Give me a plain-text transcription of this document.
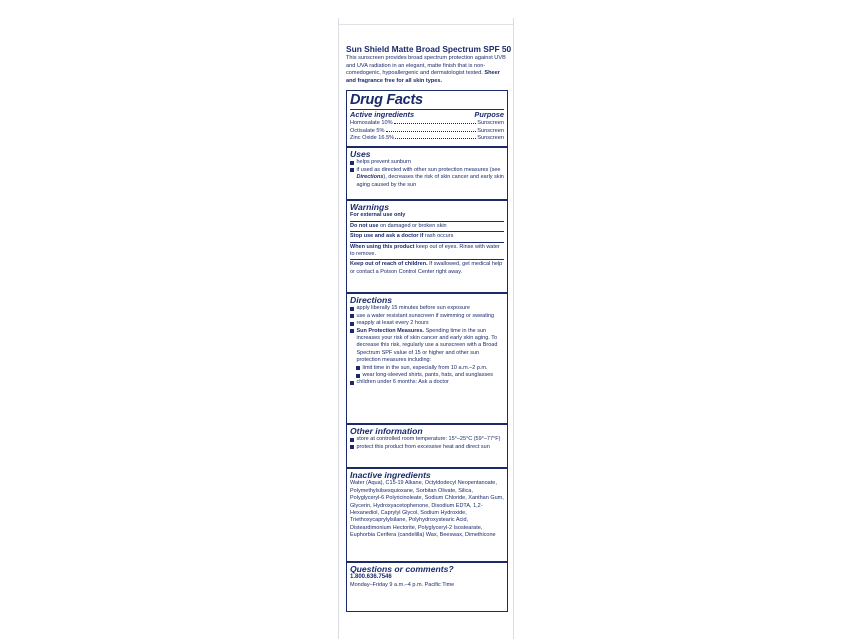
Sun Shield Matte Broad Spectrum SPF 50

This sunscreen provides broad spectrum protection against UVB and UVA radiation in an elegant, matte finish that is non-comedogenic, hypoallergenic and dermatologist tested. Sheer and fragrance free for all skin types.

Drug Facts

Active ingredients	Purpose
Homosalate 10%	Sunscreen
Octisalate 5%	Sunscreen
Zinc Oxide 16.5%	Sunscreen

Uses

helps prevent sunburn
if used as directed with other sun protection measures (see Directions), decreases the risk of skin cancer and early skin aging caused by the sun

Warnings

For external use only

Do not use on damaged or broken skin

Stop use and ask a doctor if rash occurs

When using this product keep out of eyes. Rinse with water to remove.

Keep out of reach of children. If swallowed, get medical help or contact a Poison Control Center right away.

Directions

apply liberally 15 minutes before sun exposure
use a water resistant sunscreen if swimming or sweating
reapply at least every 2 hours
Sun Protection Measures. Spending time in the sun increases your risk of skin cancer and early skin aging. To decrease this risk, regularly use a sunscreen with a Broad Spectrum SPF value of 15 or higher and other sun protection measures including:
limit time in the sun, especially from 10 a.m.–2 p.m.
wear long-sleeved shirts, pants, hats, and sunglasses
children under 6 months: Ask a doctor

Other information

store at controlled room temperature: 15°–25°C (59°–77°F)
protect this product from excessive heat and direct sun

Inactive ingredients

Water (Aqua), C15-19 Alkane, Octyldodecyl Neopentanoate, Polymethylsilsesquioxane, Sorbitan Olivate, Silica, Polyglyceryl-6 Polyricinoleate, Sodium Chloride, Xanthan Gum, Glycerin, Hydroxyacetophenone, Disodium EDTA, 1,2-Hexanediol, Caprylyl Glycol, Sodium Hydroxide, Triethoxycaprylylsilane, Polyhydroxystearic Acid, Disteardimonium Hectorite, Polyglyceryl-2 Isostearate, Euphorbia Cerifera (candelilla) Wax, Beeswax, Dimethicone

Questions or comments?

1.800.636.7546
Monday–Friday 9 a.m.–4 p.m. Pacific Time
